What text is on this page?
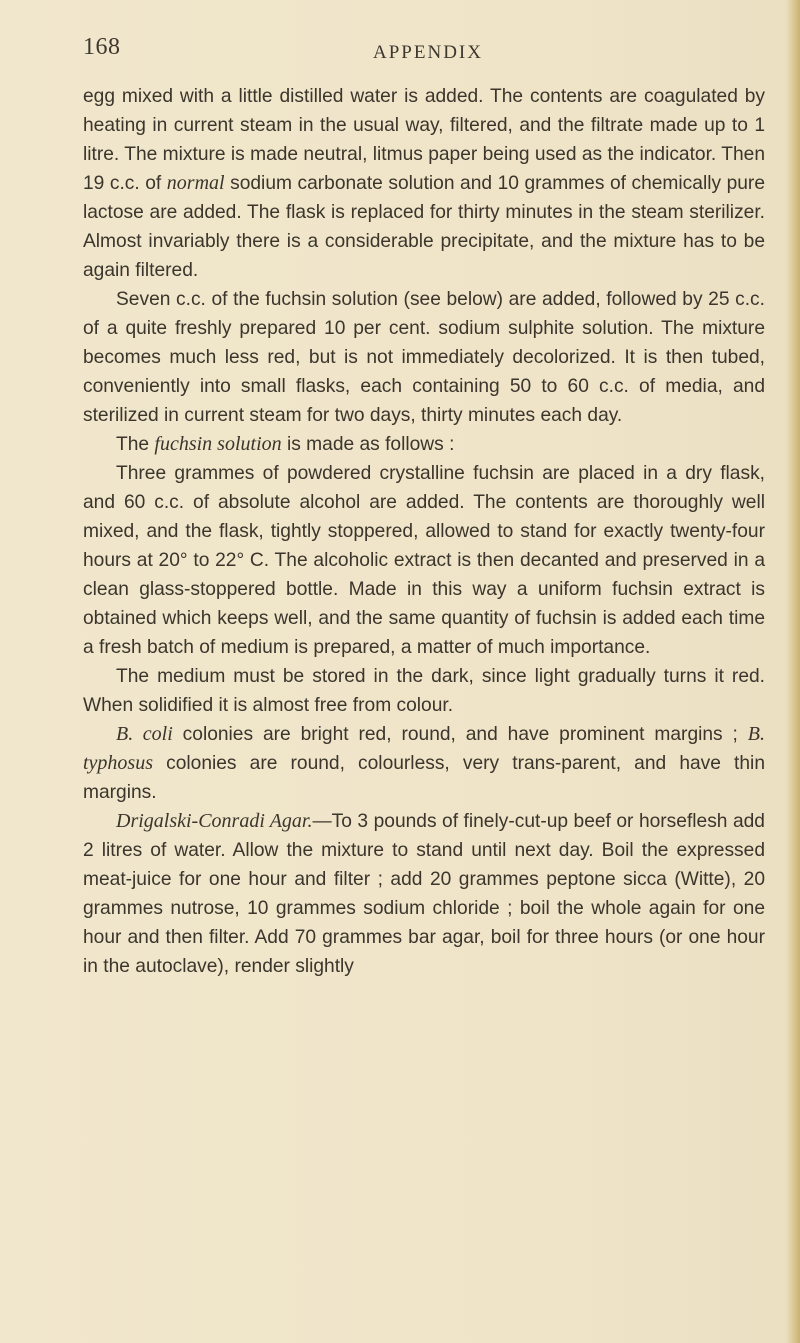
168	APPENDIX

egg mixed with a little distilled water is added. The contents are coagulated by heating in current steam in the usual way, filtered, and the filtrate made up to 1 litre. The mixture is made neutral, litmus paper being used as the indicator. Then 19 c.c. of normal sodium carbonate solution and 10 grammes of chemically pure lactose are added. The flask is replaced for thirty minutes in the steam sterilizer. Almost invariably there is a considerable precipitate, and the mixture has to be again filtered.

Seven c.c. of the fuchsin solution (see below) are added, followed by 25 c.c. of a quite freshly prepared 10 per cent. sodium sulphite solution. The mixture becomes much less red, but is not immediately decolorized. It is then tubed, conveniently into small flasks, each containing 50 to 60 c.c. of media, and sterilized in current steam for two days, thirty minutes each day.

The fuchsin solution is made as follows :

Three grammes of powdered crystalline fuchsin are placed in a dry flask, and 60 c.c. of absolute alcohol are added. The contents are thoroughly well mixed, and the flask, tightly stoppered, allowed to stand for exactly twenty-four hours at 20° to 22° C. The alcoholic extract is then decanted and preserved in a clean glass-stoppered bottle. Made in this way a uniform fuchsin extract is obtained which keeps well, and the same quantity of fuchsin is added each time a fresh batch of medium is prepared, a matter of much importance.

The medium must be stored in the dark, since light gradually turns it red. When solidified it is almost free from colour.

B. coli colonies are bright red, round, and have prominent margins ; B. typhosus colonies are round, colourless, very trans-parent, and have thin margins.

Drigalski-Conradi Agar.—To 3 pounds of finely-cut-up beef or horseflesh add 2 litres of water. Allow the mixture to stand until next day. Boil the expressed meat-juice for one hour and filter ; add 20 grammes peptone sicca (Witte), 20 grammes nutrose, 10 grammes sodium chloride ; boil the whole again for one hour and then filter. Add 70 grammes bar agar, boil for three hours (or one hour in the autoclave), render slightly
